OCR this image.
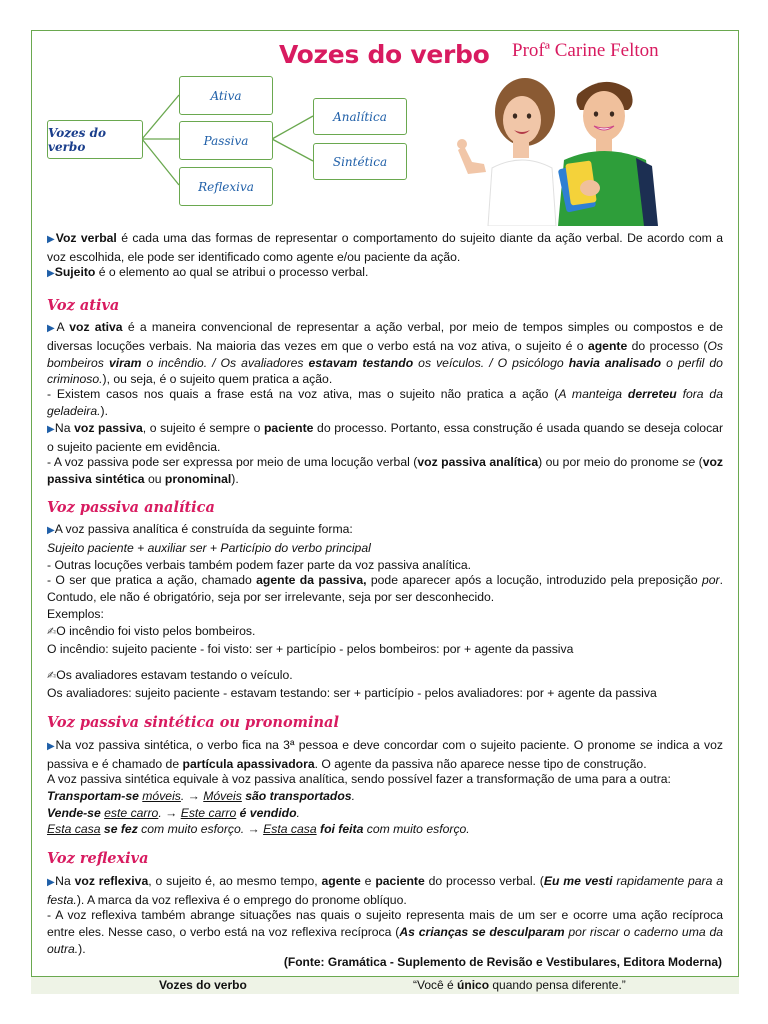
Vozes do verbo Profª Carine Felton
Vozes do verbo
Ativa
Passiva
Reflexiva
Analítica
Sintética

▶Voz verbal é cada uma das formas de representar o comportamento do sujeito diante da ação verbal. De acordo com a voz escolhida, ele pode ser identificado como agente e/ou paciente da ação.

▶Sujeito é o elemento ao qual se atribui o processo verbal.

Voz ativa

▶A voz ativa é a maneira convencional de representar a ação verbal, por meio de tempos simples ou compostos e de diversas locuções verbais. Na maioria das vezes em que o verbo está na voz ativa, o sujeito é o agente do processo (Os bombeiros viram o incêndio. / Os avaliadores estavam testando os veículos. / O psicólogo havia analisado o perfil do criminoso.), ou seja, é o sujeito quem pratica a ação.

- Existem casos nos quais a frase está na voz ativa, mas o sujeito não pratica a ação (A manteiga derreteu fora da geladeira.).

▶Na voz passiva, o sujeito é sempre o paciente do processo. Portanto, essa construção é usada quando se deseja colocar o sujeito paciente em evidência.

- A voz passiva pode ser expressa por meio de uma locução verbal (voz passiva analítica) ou por meio do pronome se (voz passiva sintética ou pronominal).

Voz passiva analítica

▶A voz passiva analítica é construída da seguinte forma:
Sujeito paciente + auxiliar ser + Particípio do verbo principal
- Outras locuções verbais também podem fazer parte da voz passiva analítica.

- O ser que pratica a ação, chamado agente da passiva, pode aparecer após a locução, introduzido pela preposição por. Contudo, ele não é obrigatório, seja por ser irrelevante, seja por ser desconhecido.

Exemplos:
✍O incêndio foi visto pelos bombeiros.
O incêndio: sujeito paciente - foi visto: ser + particípio - pelos bombeiros: por + agente da passiva

✍Os avaliadores estavam testando o veículo.
Os avaliadores: sujeito paciente - estavam testando: ser + particípio - pelos avaliadores: por + agente da passiva

Voz passiva sintética ou pronominal

▶Na voz passiva sintética, o verbo fica na 3ª pessoa e deve concordar com o sujeito paciente. O pronome se indica a voz passiva e é chamado de partícula apassivadora. O agente da passiva não aparece nesse tipo de construção.

A voz passiva sintética equivale à voz passiva analítica, sendo possível fazer a transformação de uma para a outra:
Transportam-se móveis. → Móveis são transportados.
Vende-se este carro. → Este carro é vendido.
Esta casa se fez com muito esforço. → Esta casa foi feita com muito esforço.

Voz reflexiva

▶Na voz reflexiva, o sujeito é, ao mesmo tempo, agente e paciente do processo verbal. (Eu me vesti rapidamente para a festa.). A marca da voz reflexiva é o emprego do pronome oblíquo.

- A voz reflexiva também abrange situações nas quais o sujeito representa mais de um ser e ocorre uma ação recíproca entre eles. Nesse caso, o verbo está na voz reflexiva recíproca (As crianças se desculparam por riscar o caderno uma da outra.).

(Fonte: Gramática - Suplemento de Revisão e Vestibulares, Editora Moderna)

Vozes do verbo	“Você é único quando pensa diferente.”
